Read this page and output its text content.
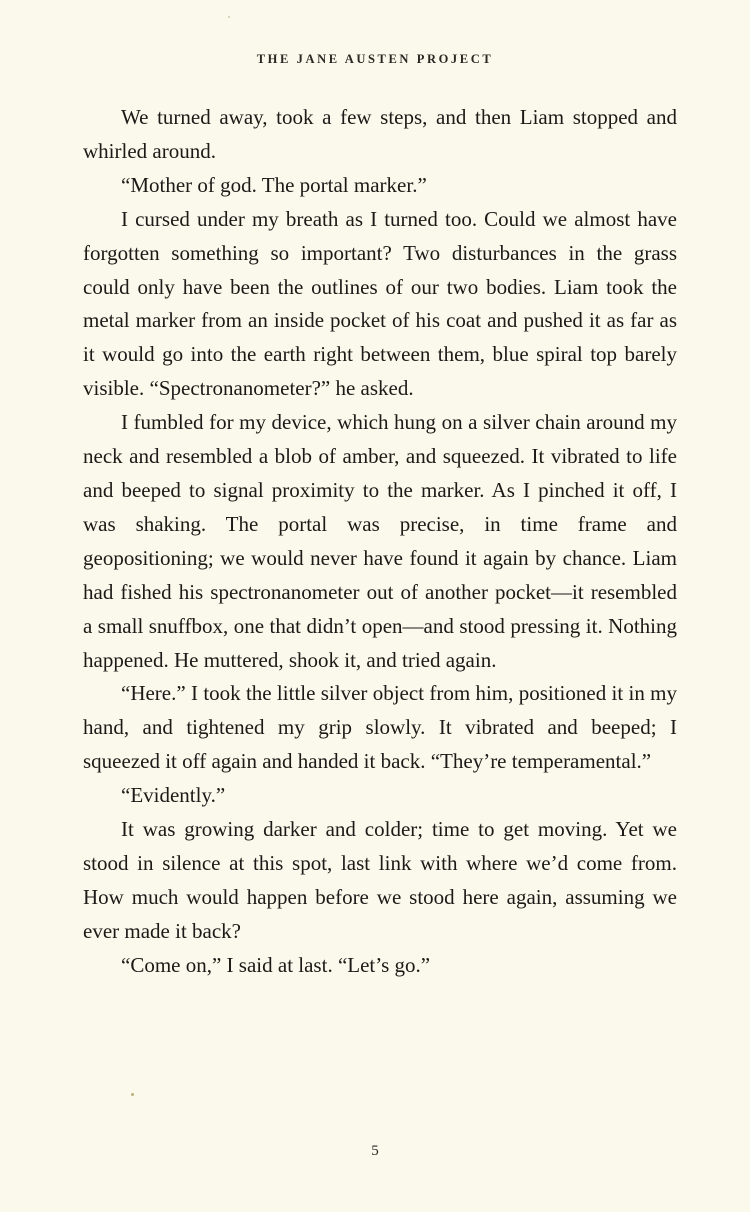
THE JANE AUSTEN PROJECT

We turned away, took a few steps, and then Liam stopped and whirled around.

“Mother of god. The portal marker.”

I cursed under my breath as I turned too. Could we almost have forgotten something so important? Two disturbances in the grass could only have been the outlines of our two bodies. Liam took the metal marker from an inside pocket of his coat and pushed it as far as it would go into the earth right between them, blue spiral top barely visible. “Spectronanometer?” he asked.

I fumbled for my device, which hung on a silver chain around my neck and resembled a blob of amber, and squeezed. It vibrated to life and beeped to signal proximity to the marker. As I pinched it off, I was shaking. The portal was precise, in time frame and geopositioning; we would never have found it again by chance. Liam had fished his spectronanometer out of another pocket—it resembled a small snuffbox, one that didn’t open—and stood pressing it. Nothing happened. He muttered, shook it, and tried again.

“Here.” I took the little silver object from him, positioned it in my hand, and tightened my grip slowly. It vibrated and beeped; I squeezed it off again and handed it back. “They’re temperamental.”

“Evidently.”

It was growing darker and colder; time to get moving. Yet we stood in silence at this spot, last link with where we’d come from. How much would happen before we stood here again, assuming we ever made it back?

“Come on,” I said at last. “Let’s go.”

5
